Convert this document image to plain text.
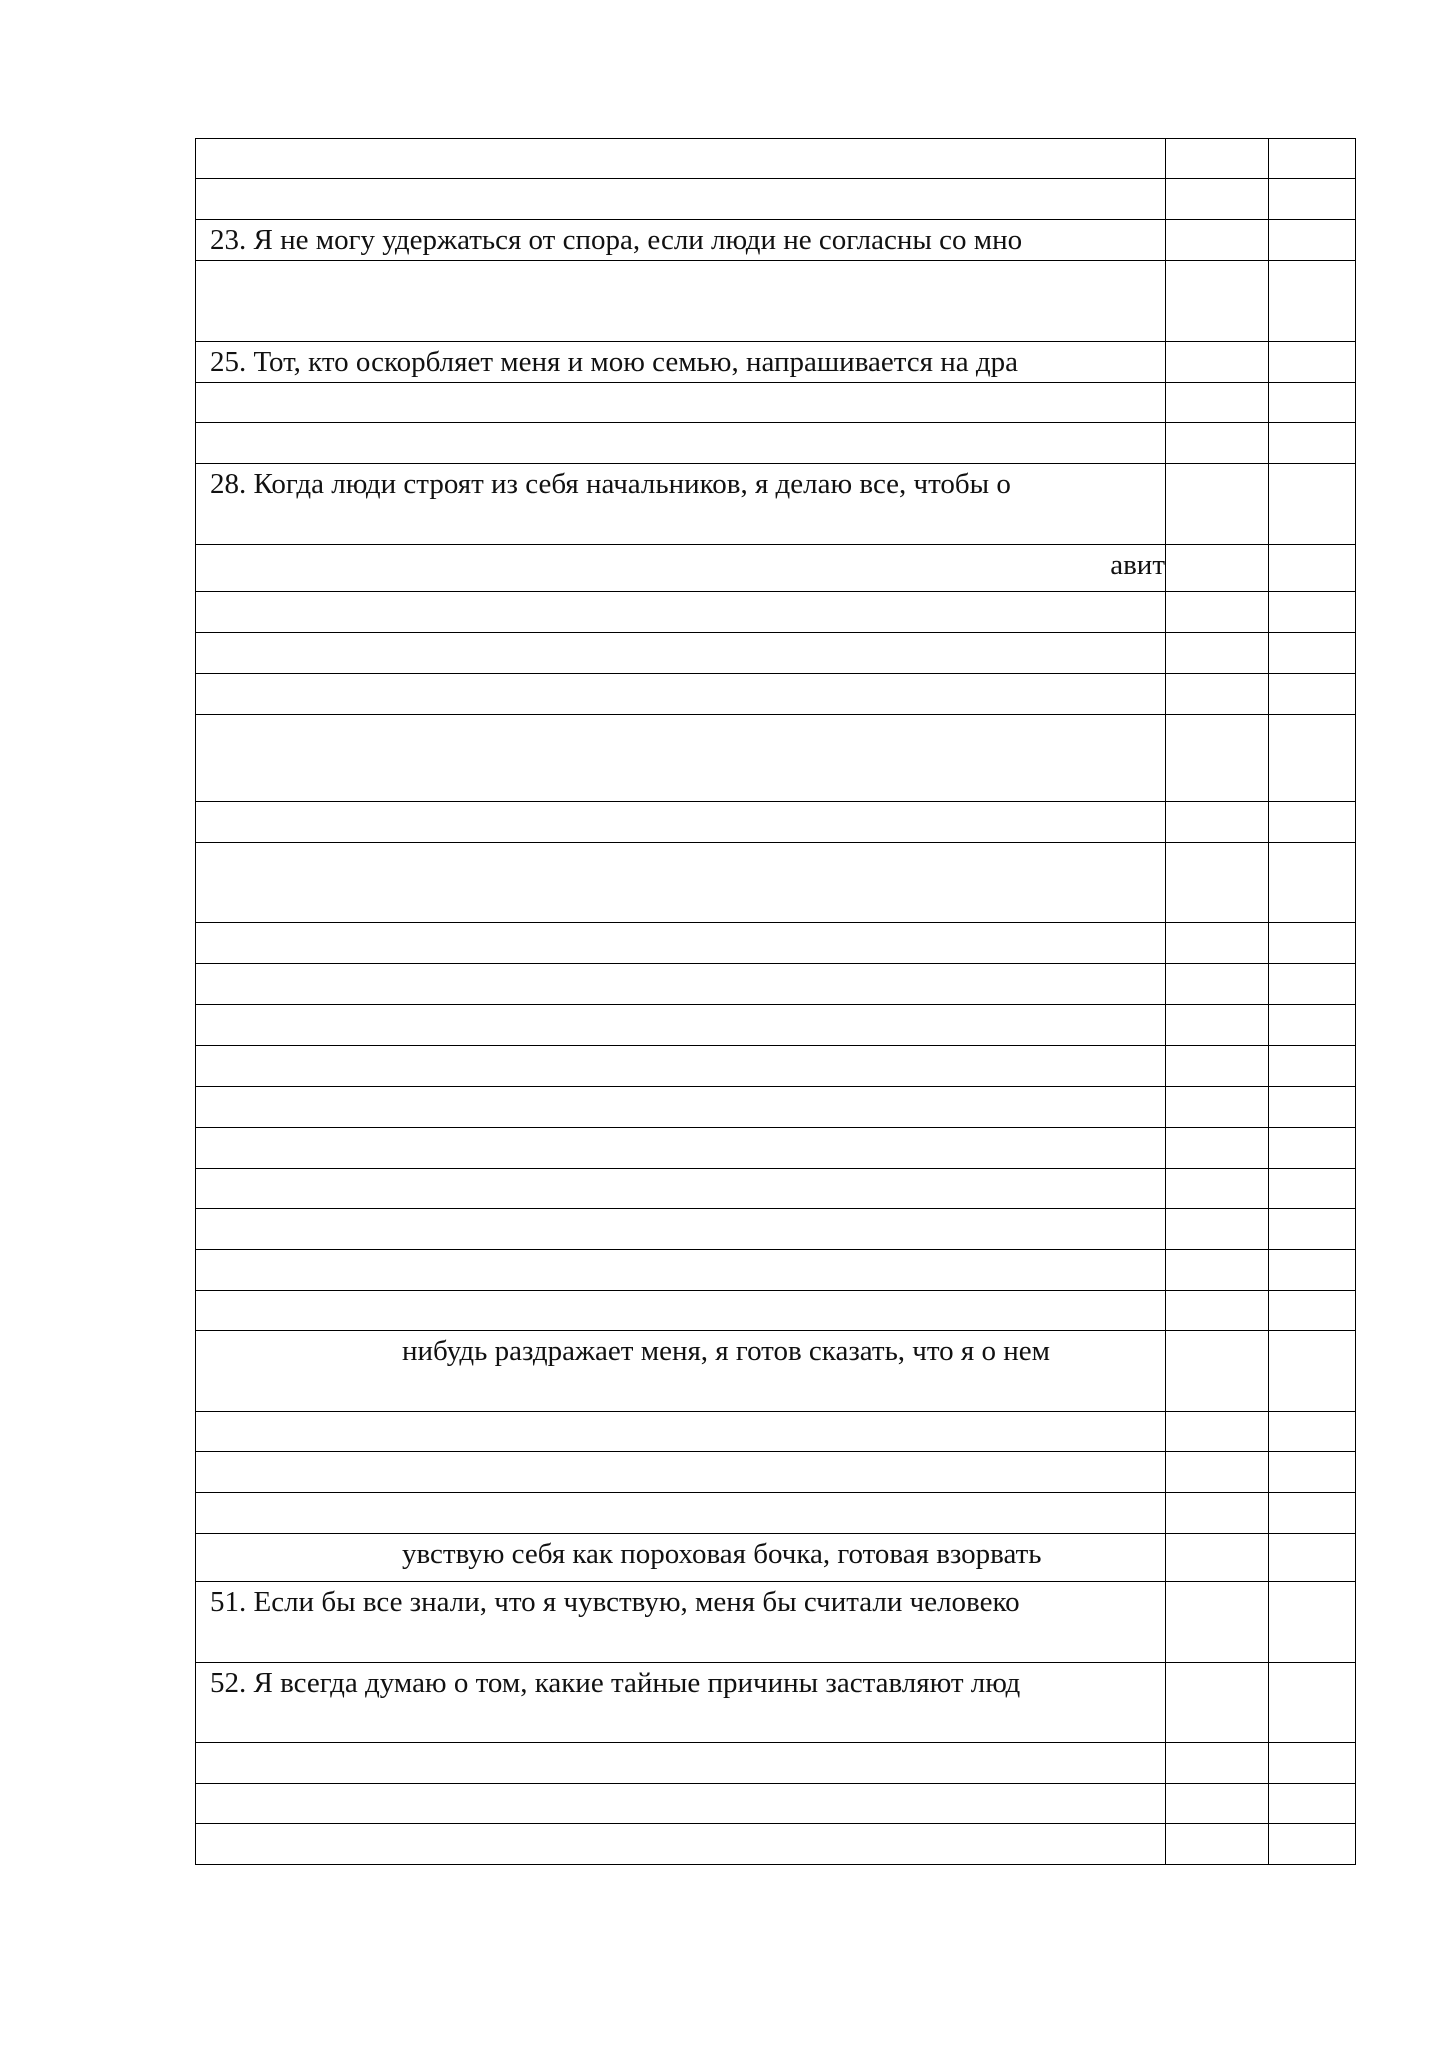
23. Я не могу удержаться от спора, если люди не согласны со мно		

25. Тот, кто оскорбляет меня и мою семью, напрашивается на дра		

28. Когда люди строят из себя начальников, я делаю все, чтобы о		

авит		

нибудь раздражает меня, я готов сказать, что я о нем		

увствую себя как пороховая бочка, готовая взорвать		

51. Если бы все знали, что я чувствую, меня бы считали человеко		

52. Я всегда думаю о том, какие тайные причины заставляют люд		
